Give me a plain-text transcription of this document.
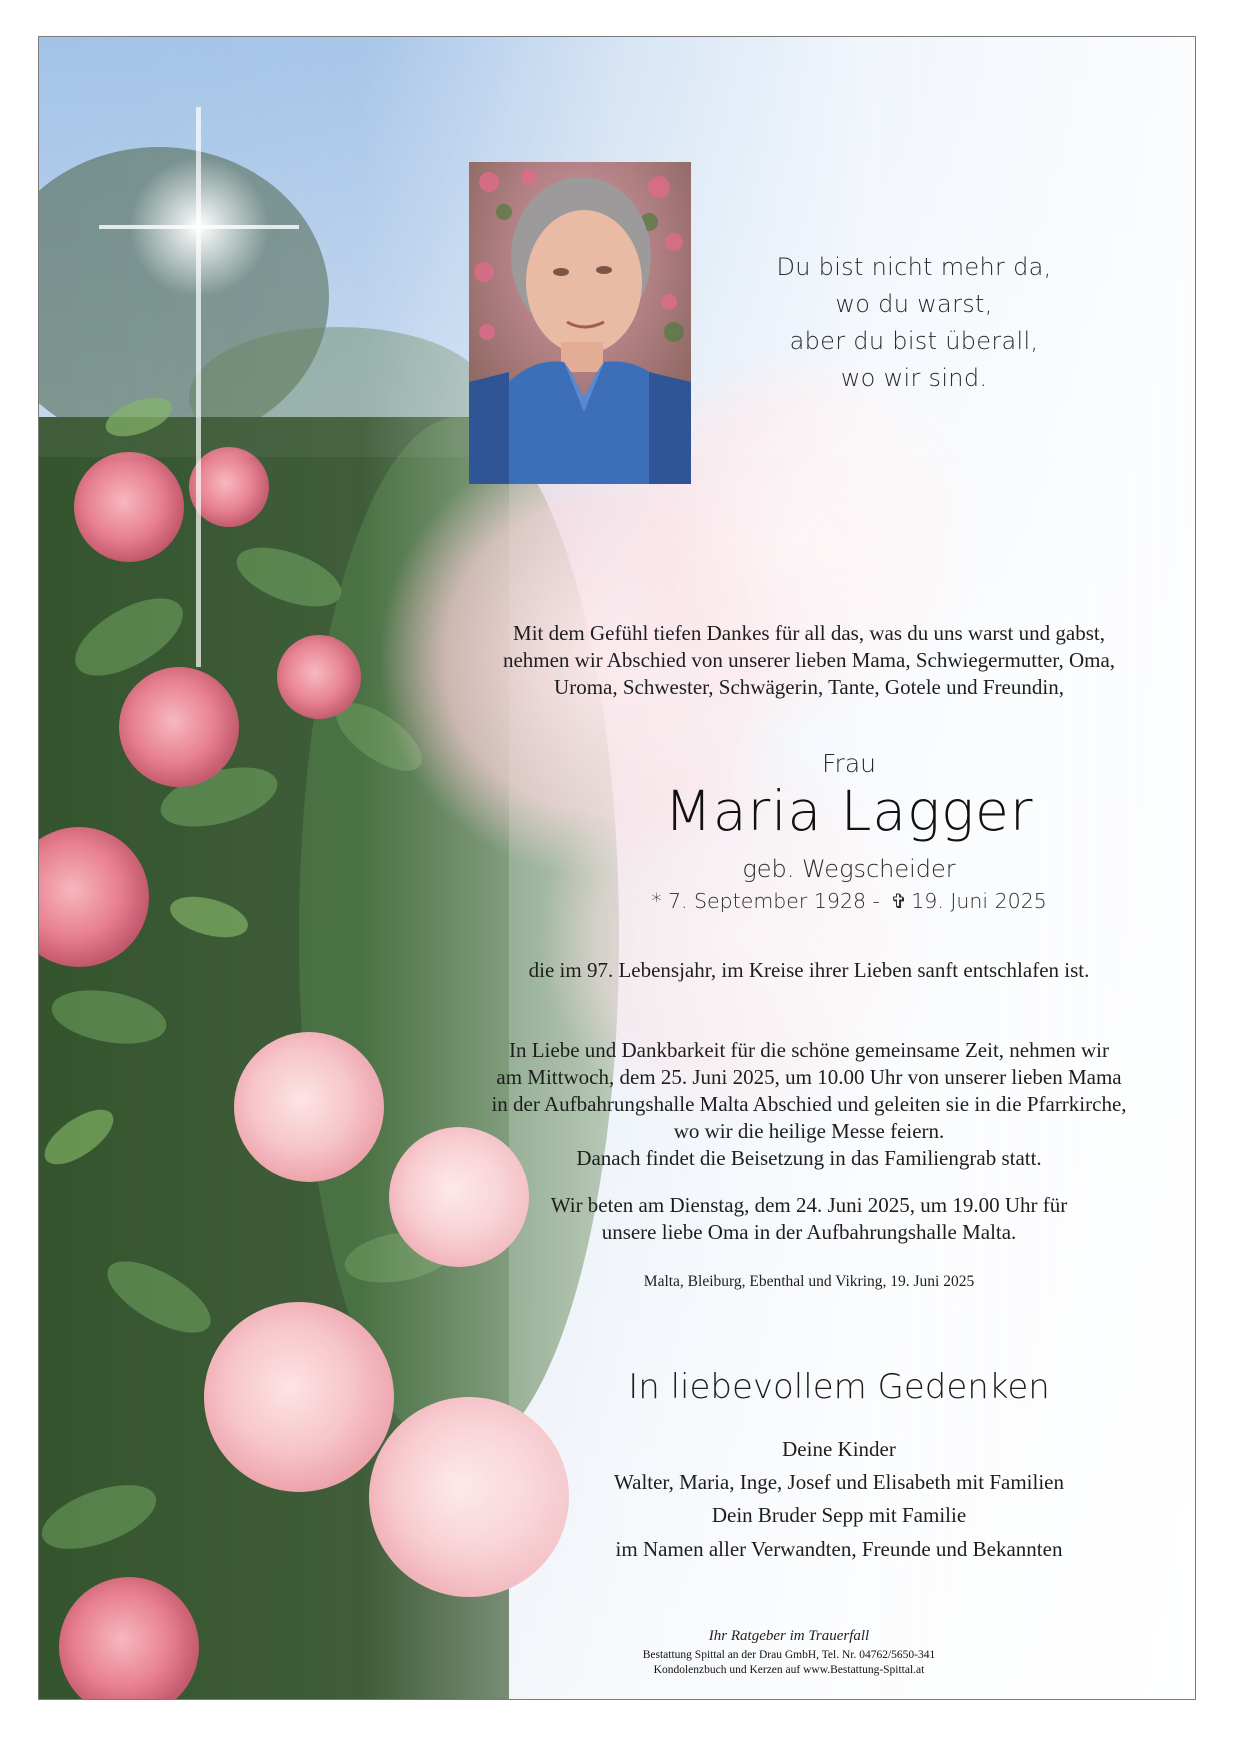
Du bist nicht mehr da,
wo du warst,
aber du bist überall,
wo wir sind.
Mit dem Gefühl tiefen Dankes für all das, was du uns warst und gabst,
nehmen wir Abschied von unserer lieben Mama, Schwiegermutter, Oma,
Uroma, Schwester, Schwägerin, Tante, Gotele und Freundin,
Frau
Maria Lagger
geb. Wegscheider
* 7. September 1928 - ✞ 19. Juni 2025
die im 97. Lebensjahr, im Kreise ihrer Lieben sanft entschlafen ist.
In Liebe und Dankbarkeit für die schöne gemeinsame Zeit, nehmen wir
am Mittwoch, dem 25. Juni 2025, um 10.00 Uhr von unserer lieben Mama
in der Aufbahrungshalle Malta Abschied und geleiten sie in die Pfarrkirche,
wo wir die heilige Messe feiern.
Danach findet die Beisetzung in das Familiengrab statt.
Wir beten am Dienstag, dem 24. Juni 2025, um 19.00 Uhr für
unsere liebe Oma in der Aufbahrungshalle Malta.
Malta, Bleiburg, Ebenthal und Vikring, 19. Juni 2025
In liebevollem Gedenken
Deine Kinder
Walter, Maria, Inge, Josef und Elisabeth mit Familien
Dein Bruder Sepp mit Familie
im Namen aller Verwandten, Freunde und Bekannten
Ihr Ratgeber im Trauerfall
Bestattung Spittal an der Drau GmbH, Tel. Nr. 04762/5650-341
Kondolenzbuch und Kerzen auf www.Bestattung-Spittal.at
